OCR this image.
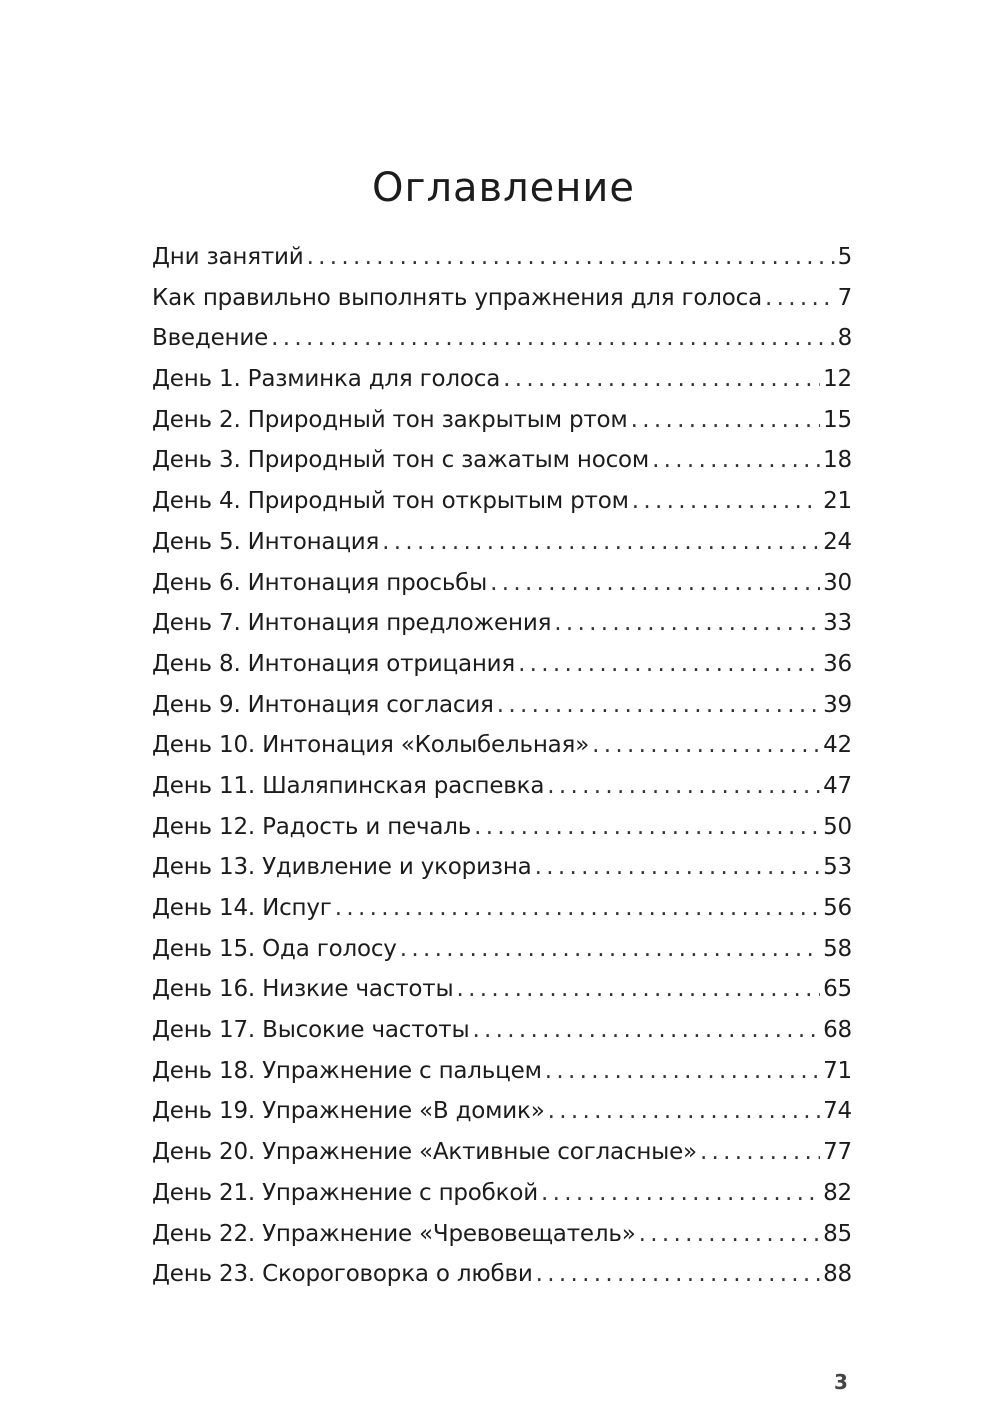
Оглавление
Дни занятий . . .	5
Как правильно выполнять упражнения для голоса . . .	7
Введение . . .	8
День 1. Разминка для голоса . . .	12
День 2. Природный тон закрытым ртом . . .	15
День 3. Природный тон с зажатым носом . . .	18
День 4. Природный тон открытым ртом . . .	21
День 5. Интонация . . .	24
День 6. Интонация просьбы . . .	30
День 7. Интонация предложения . . .	33
День 8. Интонация отрицания . . .	36
День 9. Интонация согласия . . .	39
День 10. Интонация «Колыбельная» . . .	42
День 11. Шаляпинская распевка . . .	47
День 12. Радость и печаль . . .	50
День 13. Удивление и укоризна . . .	53
День 14. Испуг . . .	56
День 15. Ода голосу . . .	58
День 16. Низкие частоты . . .	65
День 17. Высокие частоты . . .	68
День 18. Упражнение с пальцем . . .	71
День 19. Упражнение «В домик» . . .	74
День 20. Упражнение «Активные согласные» . . .	77
День 21. Упражнение с пробкой . . .	82
День 22. Упражнение «Чревовещатель» . . .	85
День 23. Скороговорка о любви . . .	88
3
